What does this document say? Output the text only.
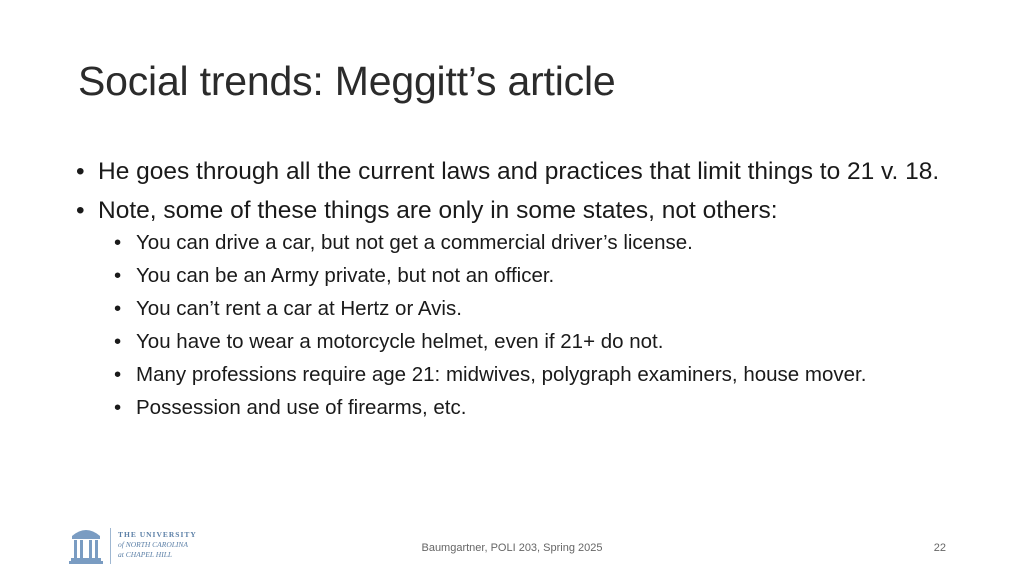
Social trends: Meggitt’s article
• He goes through all the current laws and practices that limit things to 21 v. 18.
• Note, some of these things are only in some states, not others:
• You can drive a car, but not get a commercial driver’s license.
• You can be an Army private, but not an officer.
• You can’t rent a car at Hertz or Avis.
• You have to wear a motorcycle helmet, even if 21+ do not.
• Many professions require age 21: midwives, polygraph examiners, house mover.
• Possession and use of firearms, etc.
THE UNIVERSITY
of NORTH CAROLINA
at CHAPEL HILL
Baumgartner, POLI 203, Spring 2025	22
